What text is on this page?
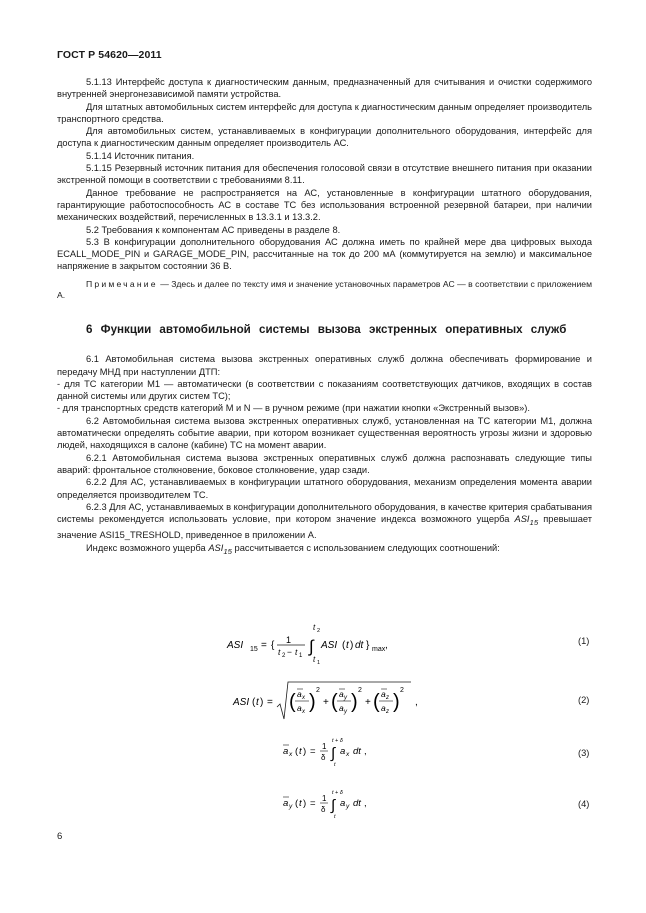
ГОСТ Р 54620—2011

5.1.13 Интерфейс доступа к диагностическим данным, предназначенный для считывания и очистки содержимого внутренней энергонезависимой памяти устройства.

Для штатных автомобильных систем интерфейс для доступа к диагностическим данным определяет производитель транспортного средства.

Для автомобильных систем, устанавливаемых в конфигурации дополнительного оборудования, интерфейс для доступа к диагностическим данным определяет производитель АС.

5.1.14 Источник питания.

5.1.15 Резервный источник питания для обеспечения голосовой связи в отсутствие внешнего питания при оказании экстренной помощи в соответствии с требованиями 8.11.

Данное требование не распространяется на АС, установленные в конфигурации штатного оборудования, гарантирующие работоспособность АС в составе ТС без использования встроенной резервной батареи, при наличии механических воздействий, перечисленных в 13.3.1 и 13.3.2.

5.2 Требования к компонентам АС приведены в разделе 8.

5.3 В конфигурации дополнительного оборудования АС должна иметь по крайней мере два цифровых выхода ECALL_MODE_PIN и GARAGE_MODE_PIN, рассчитанные на ток до 200 мА (коммутируется на землю) и максимальное напряжение в закрытом состоянии 36 В.

Примечание — Здесь и далее по тексту имя и значение установочных параметров АС — в соответствии с приложением А.

6 Функции автомобильной системы вызова экстренных оперативных служб

6.1 Автомобильная система вызова экстренных оперативных служб должна обеспечивать формирование и передачу МНД при наступлении ДТП:

- для ТС категории М1 — автоматически (в соответствии с показаниям соответствующих датчиков, входящих в состав данной системы или других систем ТС);

- для транспортных средств категорий М и N — в ручном режиме (при нажатии кнопки «Экстренный вызов»).

6.2 Автомобильная система вызова экстренных оперативных служб, установленная на ТС категории М1, должна автоматически определять событие аварии, при котором возникает существенная вероятность угрозы жизни и здоровью людей, находящихся в салоне (кабине) ТС на момент аварии.

6.2.1 Автомобильная система вызова экстренных оперативных служб должна распознавать следующие типы аварий: фронтальное столкновение, боковое столкновение, удар сзади.

6.2.2 Для АС, устанавливаемых в конфигурации штатного оборудования, механизм определения момента аварии определяется производителем ТС.

6.2.3 Для АС, устанавливаемых в конфигурации дополнительного оборудования, в качестве критерия срабатывания системы рекомендуется использовать условие, при котором значение индекса возможного ущерба $ASI_{15}$ превышает значение ASI15_TRESHOLD, приведенное в приложении А.

Индекс возможного ущерба $ASI_{15}$ рассчитывается с использованием следующих соотношений:

ASI 15 = { 1
t 2 − t 1
t 2
∫
t 1
ASI ( t ) dt } max ,	(1)
ASI ( t ) = ( a x
a x )
2
+ ( a y
a y )
2
+ ( a z
a z )
2
,	(2)
a x ( t ) = 1
δ
t + δ
∫
t
a x dt ,	(3)
a y ( t ) = 1
δ
t + δ
∫
t
a y dt ,	(4)
6
